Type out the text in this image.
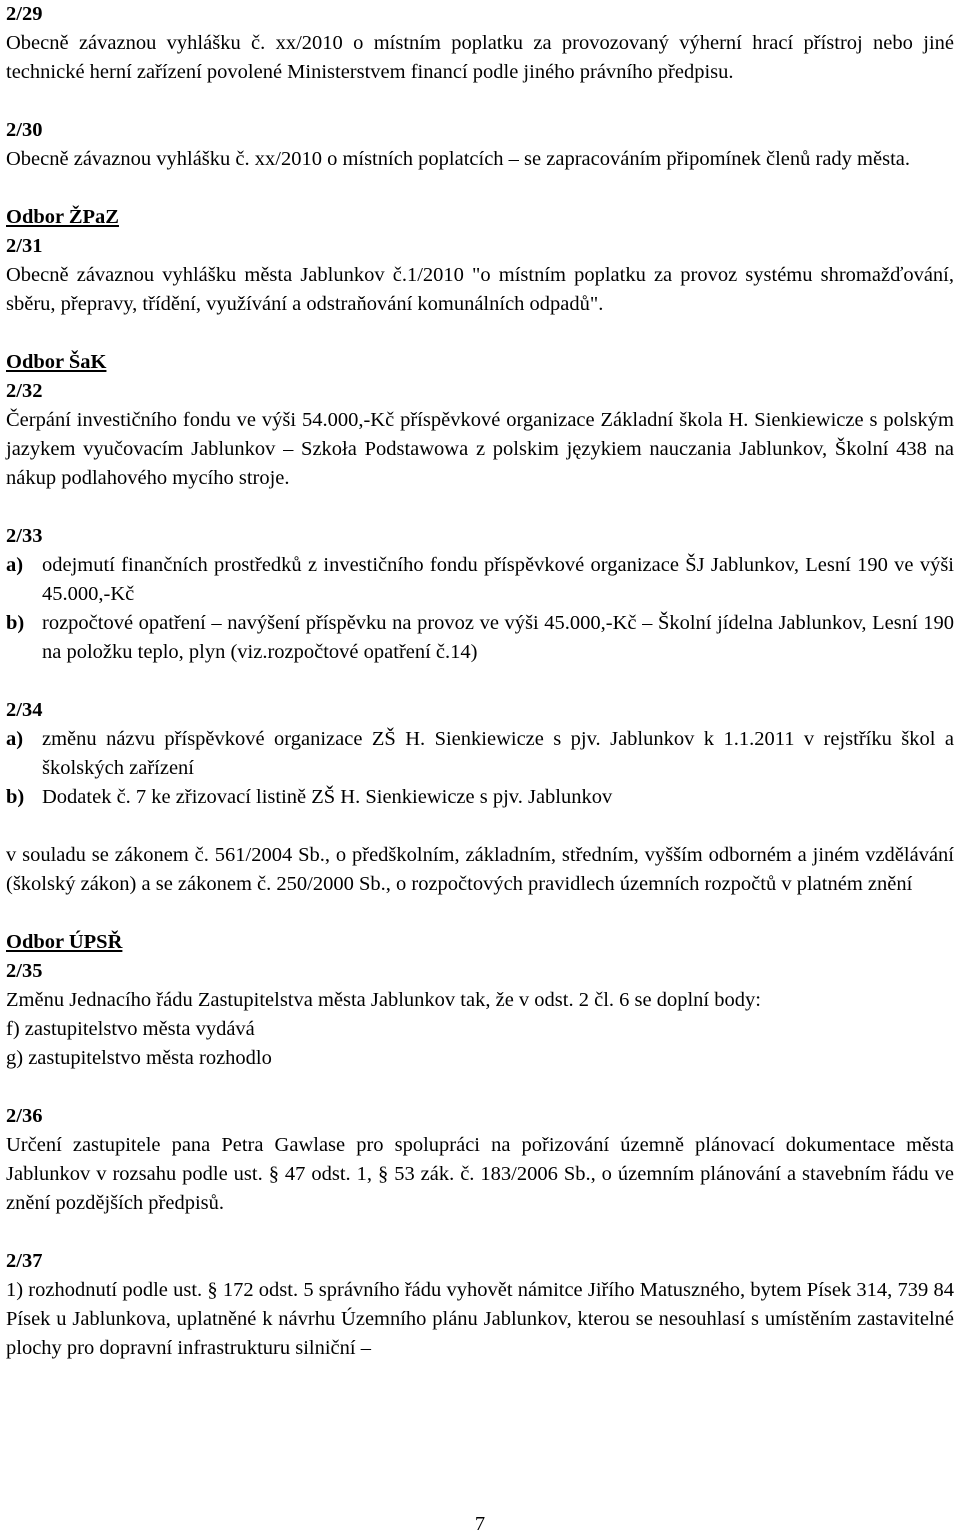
2/29

Obecně závaznou vyhlášku č. xx/2010 o místním poplatku za provozovaný výherní hrací přístroj nebo jiné technické herní zařízení povolené Ministerstvem financí podle jiného právního předpisu.

2/30

Obecně závaznou vyhlášku č. xx/2010 o místních poplatcích – se zapracováním připomínek členů rady města.

Odbor ŽPaZ
2/31

Obecně závaznou vyhlášku města Jablunkov č.1/2010 "o místním poplatku za provoz systému shromažďování, sběru, přepravy, třídění, využívání a odstraňování komunálních odpadů".

Odbor ŠaK
2/32

Čerpání investičního fondu ve výši 54.000,-Kč příspěvkové organizace Základní škola H. Sienkiewicze s polským jazykem vyučovacím Jablunkov – Szkoła Podstawowa z polskim językiem nauczania Jablunkov, Školní 438 na nákup podlahového mycího stroje.

2/33
a) odejmutí finančních prostředků z investičního fondu příspěvkové organizace ŠJ Jablunkov, Lesní 190 ve výši 45.000,-Kč
b) rozpočtové opatření – navýšení příspěvku na provoz ve výši 45.000,-Kč – Školní jídelna Jablunkov, Lesní 190 na položku teplo, plyn (viz.rozpočtové opatření č.14)
2/34
a) změnu názvu příspěvkové organizace ZŠ H. Sienkiewicze s pjv. Jablunkov k 1.1.2011 v rejstříku škol a školských zařízení
b) Dodatek č. 7 ke zřizovací listině ZŠ H. Sienkiewicze s pjv. Jablunkov

v souladu se zákonem č. 561/2004 Sb., o předškolním, základním, středním, vyšším odborném a jiném vzdělávání (školský zákon) a se zákonem č. 250/2000 Sb., o rozpočtových pravidlech územních rozpočtů v platném znění

Odbor ÚPSŘ
2/35

Změnu Jednacího řádu Zastupitelstva města Jablunkov tak, že v odst. 2 čl. 6 se doplní body:

f) zastupitelstvo města vydává

g) zastupitelstvo města rozhodlo

2/36

Určení zastupitele pana Petra Gawlase pro spolupráci na pořizování územně plánovací dokumentace města Jablunkov v rozsahu podle ust. § 47 odst. 1, § 53 zák. č. 183/2006 Sb., o územním plánování a stavebním řádu ve znění pozdějších předpisů.

2/37

1) rozhodnutí podle ust. § 172 odst. 5 správního řádu vyhovět námitce Jiřího Matuszného, bytem Písek 314, 739 84 Písek u Jablunkova, uplatněné k návrhu Územního plánu Jablunkov, kterou se nesouhlasí s umístěním zastavitelné plochy pro dopravní infrastrukturu silniční –

7
